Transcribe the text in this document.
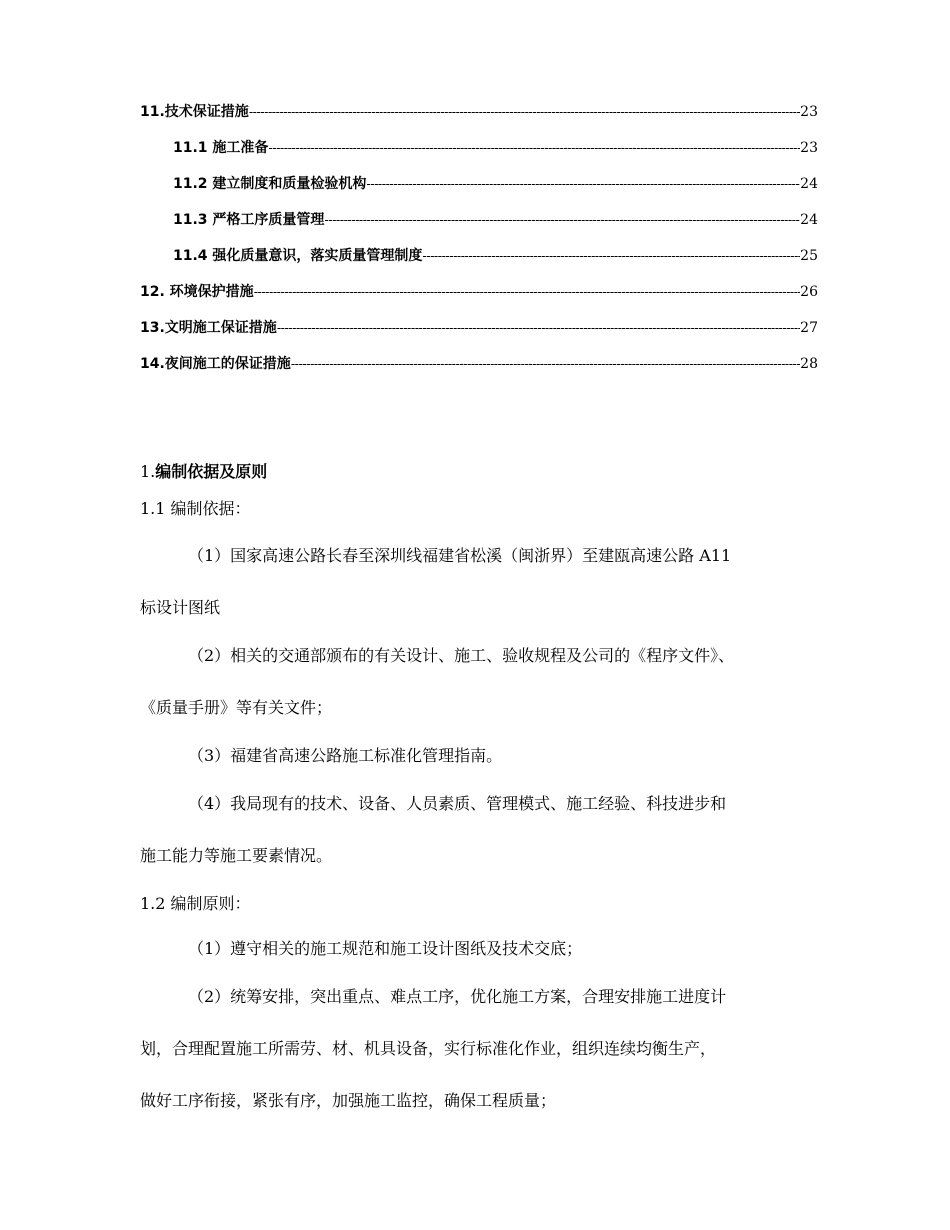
11.技术保证措施 -----	23
11.1 施工准备 -----	23
11.2 建立制度和质量检验机构 -----	24
11.3 严格工序质量管理 -----	24
11.4 强化质量意识，落实质量管理制度 -----	25
12. 环境保护措施 -----	26
13.文明施工保证措施 -----	27
14.夜间施工的保证措施 -----	28
1.编制依据及原则
1.1 编制依据：
（1）国家高速公路长春至深圳线福建省松溪（闽浙界）至建瓯高速公路 A11
标设计图纸
（2）相关的交通部颁布的有关设计、施工、验收规程及公司的《程序文件》、
《质量手册》等有关文件；
（3）福建省高速公路施工标准化管理指南。
（4）我局现有的技术、设备、人员素质、管理模式、施工经验、科技进步和
施工能力等施工要素情况。
1.2 编制原则：
（1）遵守相关的施工规范和施工设计图纸及技术交底；
（2）统筹安排，突出重点、难点工序，优化施工方案，合理安排施工进度计
划，合理配置施工所需劳、材、机具设备，实行标准化作业，组织连续均衡生产，
做好工序衔接，紧张有序，加强施工监控，确保工程质量；
